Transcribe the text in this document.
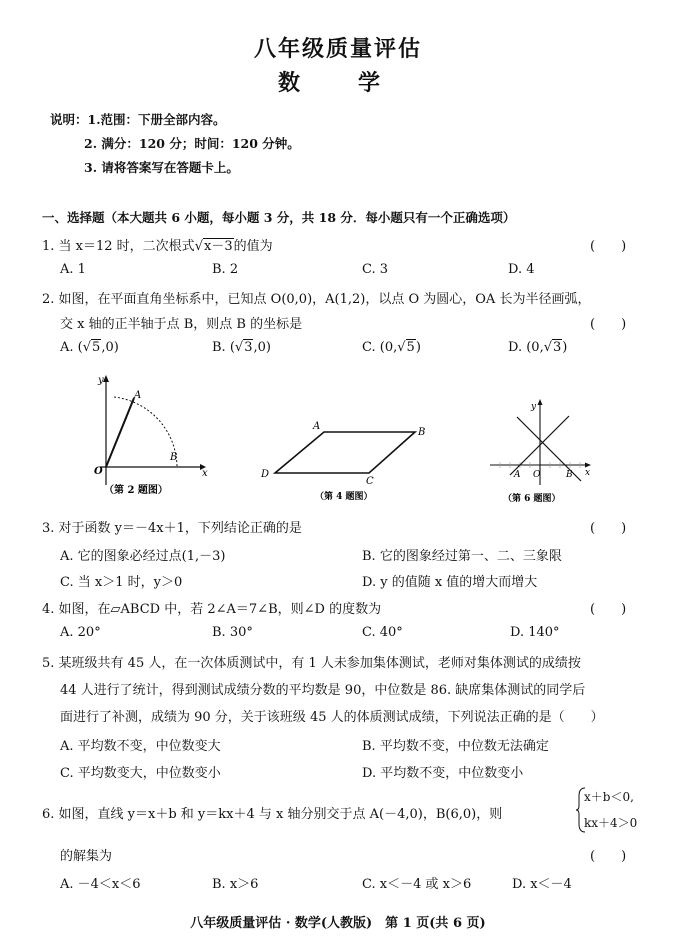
八年级质量评估
数　学
说明：1.范围：下册全部内容。
2. 满分：120 分；时间：120 分钟。
3. 请将答案写在答题卡上。
一、选择题（本大题共 6 小题，每小题 3 分，共 18 分．每小题只有一个正确选项）
1. 当 x＝12 时，二次根式√x－3的值为	(　　)
A. 1	B. 2	C. 3	D. 4
2. 如图，在平面直角坐标系中，已知点 O(0,0)，A(1,2)，以点 O 为圆心，OA 长为半径画弧，
交 x 轴的正半轴于点 B，则点 B 的坐标是	(　　)
A. (√5,0)	B. (√3,0)	C. (0,√5)	D. (0,√3)
y
x
O
A
B
（第 2 题图）
A
B
C
D
（第 4 题图）
y
x
A O	B
（第 6 题图）
3. 对于函数 y＝－4x＋1，下列结论正确的是	(　　)
A. 它的图象必经过点(1,－3)	B. 它的图象经过第一、二、三象限
C. 当 x＞1 时，y＞0	D. y 的值随 x 值的增大而增大
4. 如图，在▱ABCD 中，若 2∠A＝7∠B，则∠D 的度数为	(　　)
A. 20°	B. 30°	C. 40°	D. 140°
5. 某班级共有 45 人，在一次体质测试中，有 1 人未参加集体测试，老师对集体测试的成绩按
44 人进行了统计，得到测试成绩分数的平均数是 90，中位数是 86. 缺席集体测试的同学后
面进行了补测，成绩为 90 分，关于该班级 45 人的体质测试成绩，下列说法正确的是（　　）
A. 平均数不变，中位数变大	B. 平均数不变，中位数无法确定
C. 平均数变大，中位数变小	D. 平均数不变，中位数变小
6. 如图，直线 y＝x＋b 和 y＝kx＋4 与 x 轴分别交于点 A(－4,0)，B(6,0)，则
x＋b＜0,
kx＋4＞0
的解集为	(　　)
A. －4＜x＜6	B. x＞6	C. x＜－4 或 x＞6	D. x＜－4
八年级质量评估 · 数学(人教版)　第 1 页(共 6 页)
